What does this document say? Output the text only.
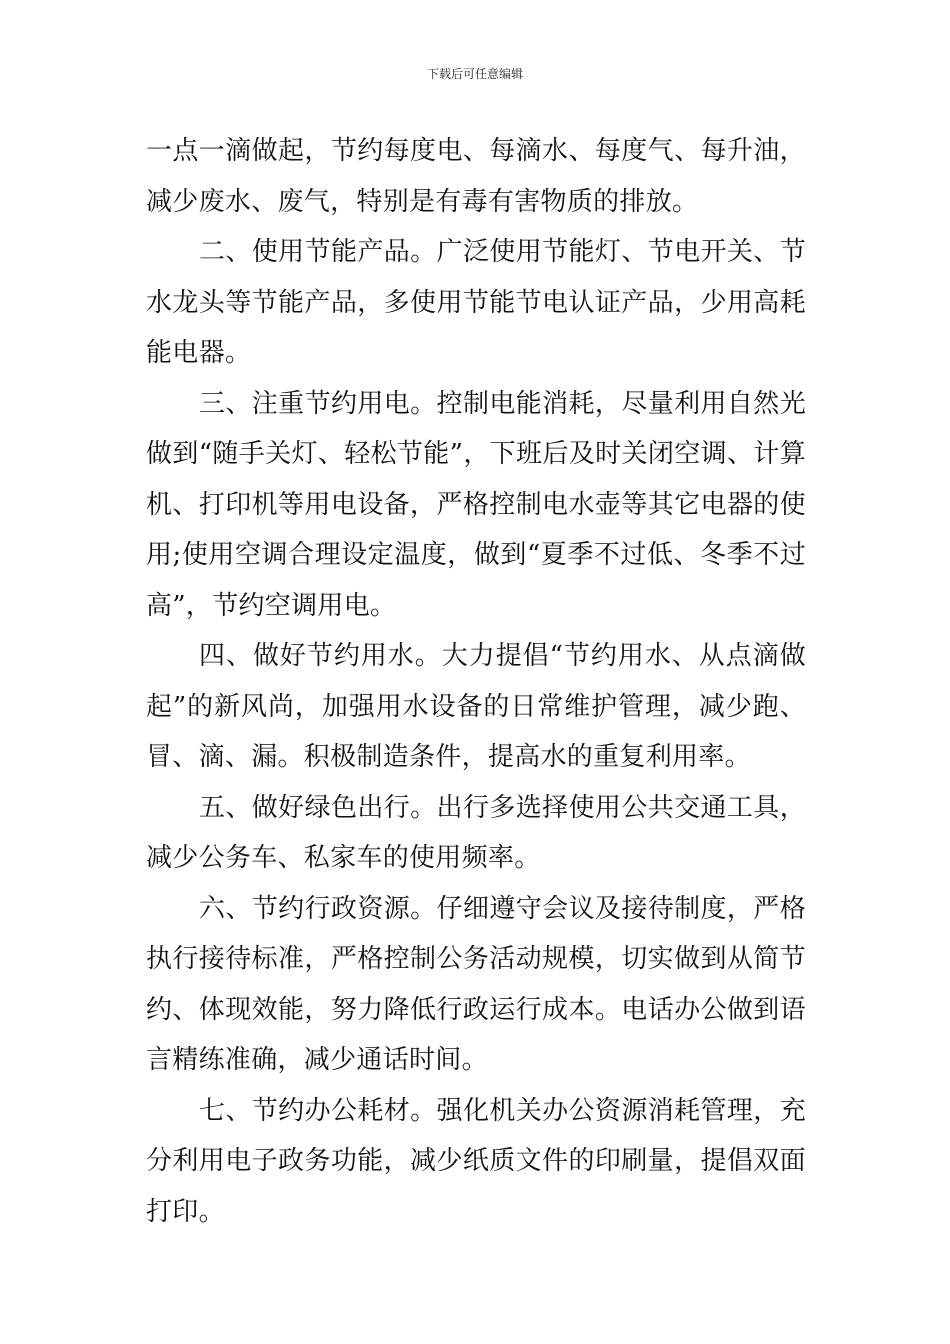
下载后可任意编辑

一点一滴做起，节约每度电、每滴水、每度气、每升油，减少废水、废气，特别是有毒有害物质的排放。

二、使用节能产品。广泛使用节能灯、节电开关、节水龙头等节能产品，多使用节能节电认证产品，少用高耗能电器。

三、注重节约用电。控制电能消耗，尽量利用自然光做到“随手关灯、轻松节能”，下班后及时关闭空调、计算机、打印机等用电设备，严格控制电水壶等其它电器的使用;使用空调合理设定温度，做到“夏季不过低、冬季不过高”，节约空调用电。

四、做好节约用水。大力提倡“节约用水、从点滴做起”的新风尚，加强用水设备的日常维护管理，减少跑、冒、滴、漏。积极制造条件，提高水的重复利用率。

五、做好绿色出行。出行多选择使用公共交通工具，减少公务车、私家车的使用频率。

六、节约行政资源。仔细遵守会议及接待制度，严格执行接待标准，严格控制公务活动规模，切实做到从简节约、体现效能，努力降低行政运行成本。电话办公做到语言精练准确，减少通话时间。

七、节约办公耗材。强化机关办公资源消耗管理，充分利用电子政务功能，减少纸质文件的印刷量，提倡双面打印。
